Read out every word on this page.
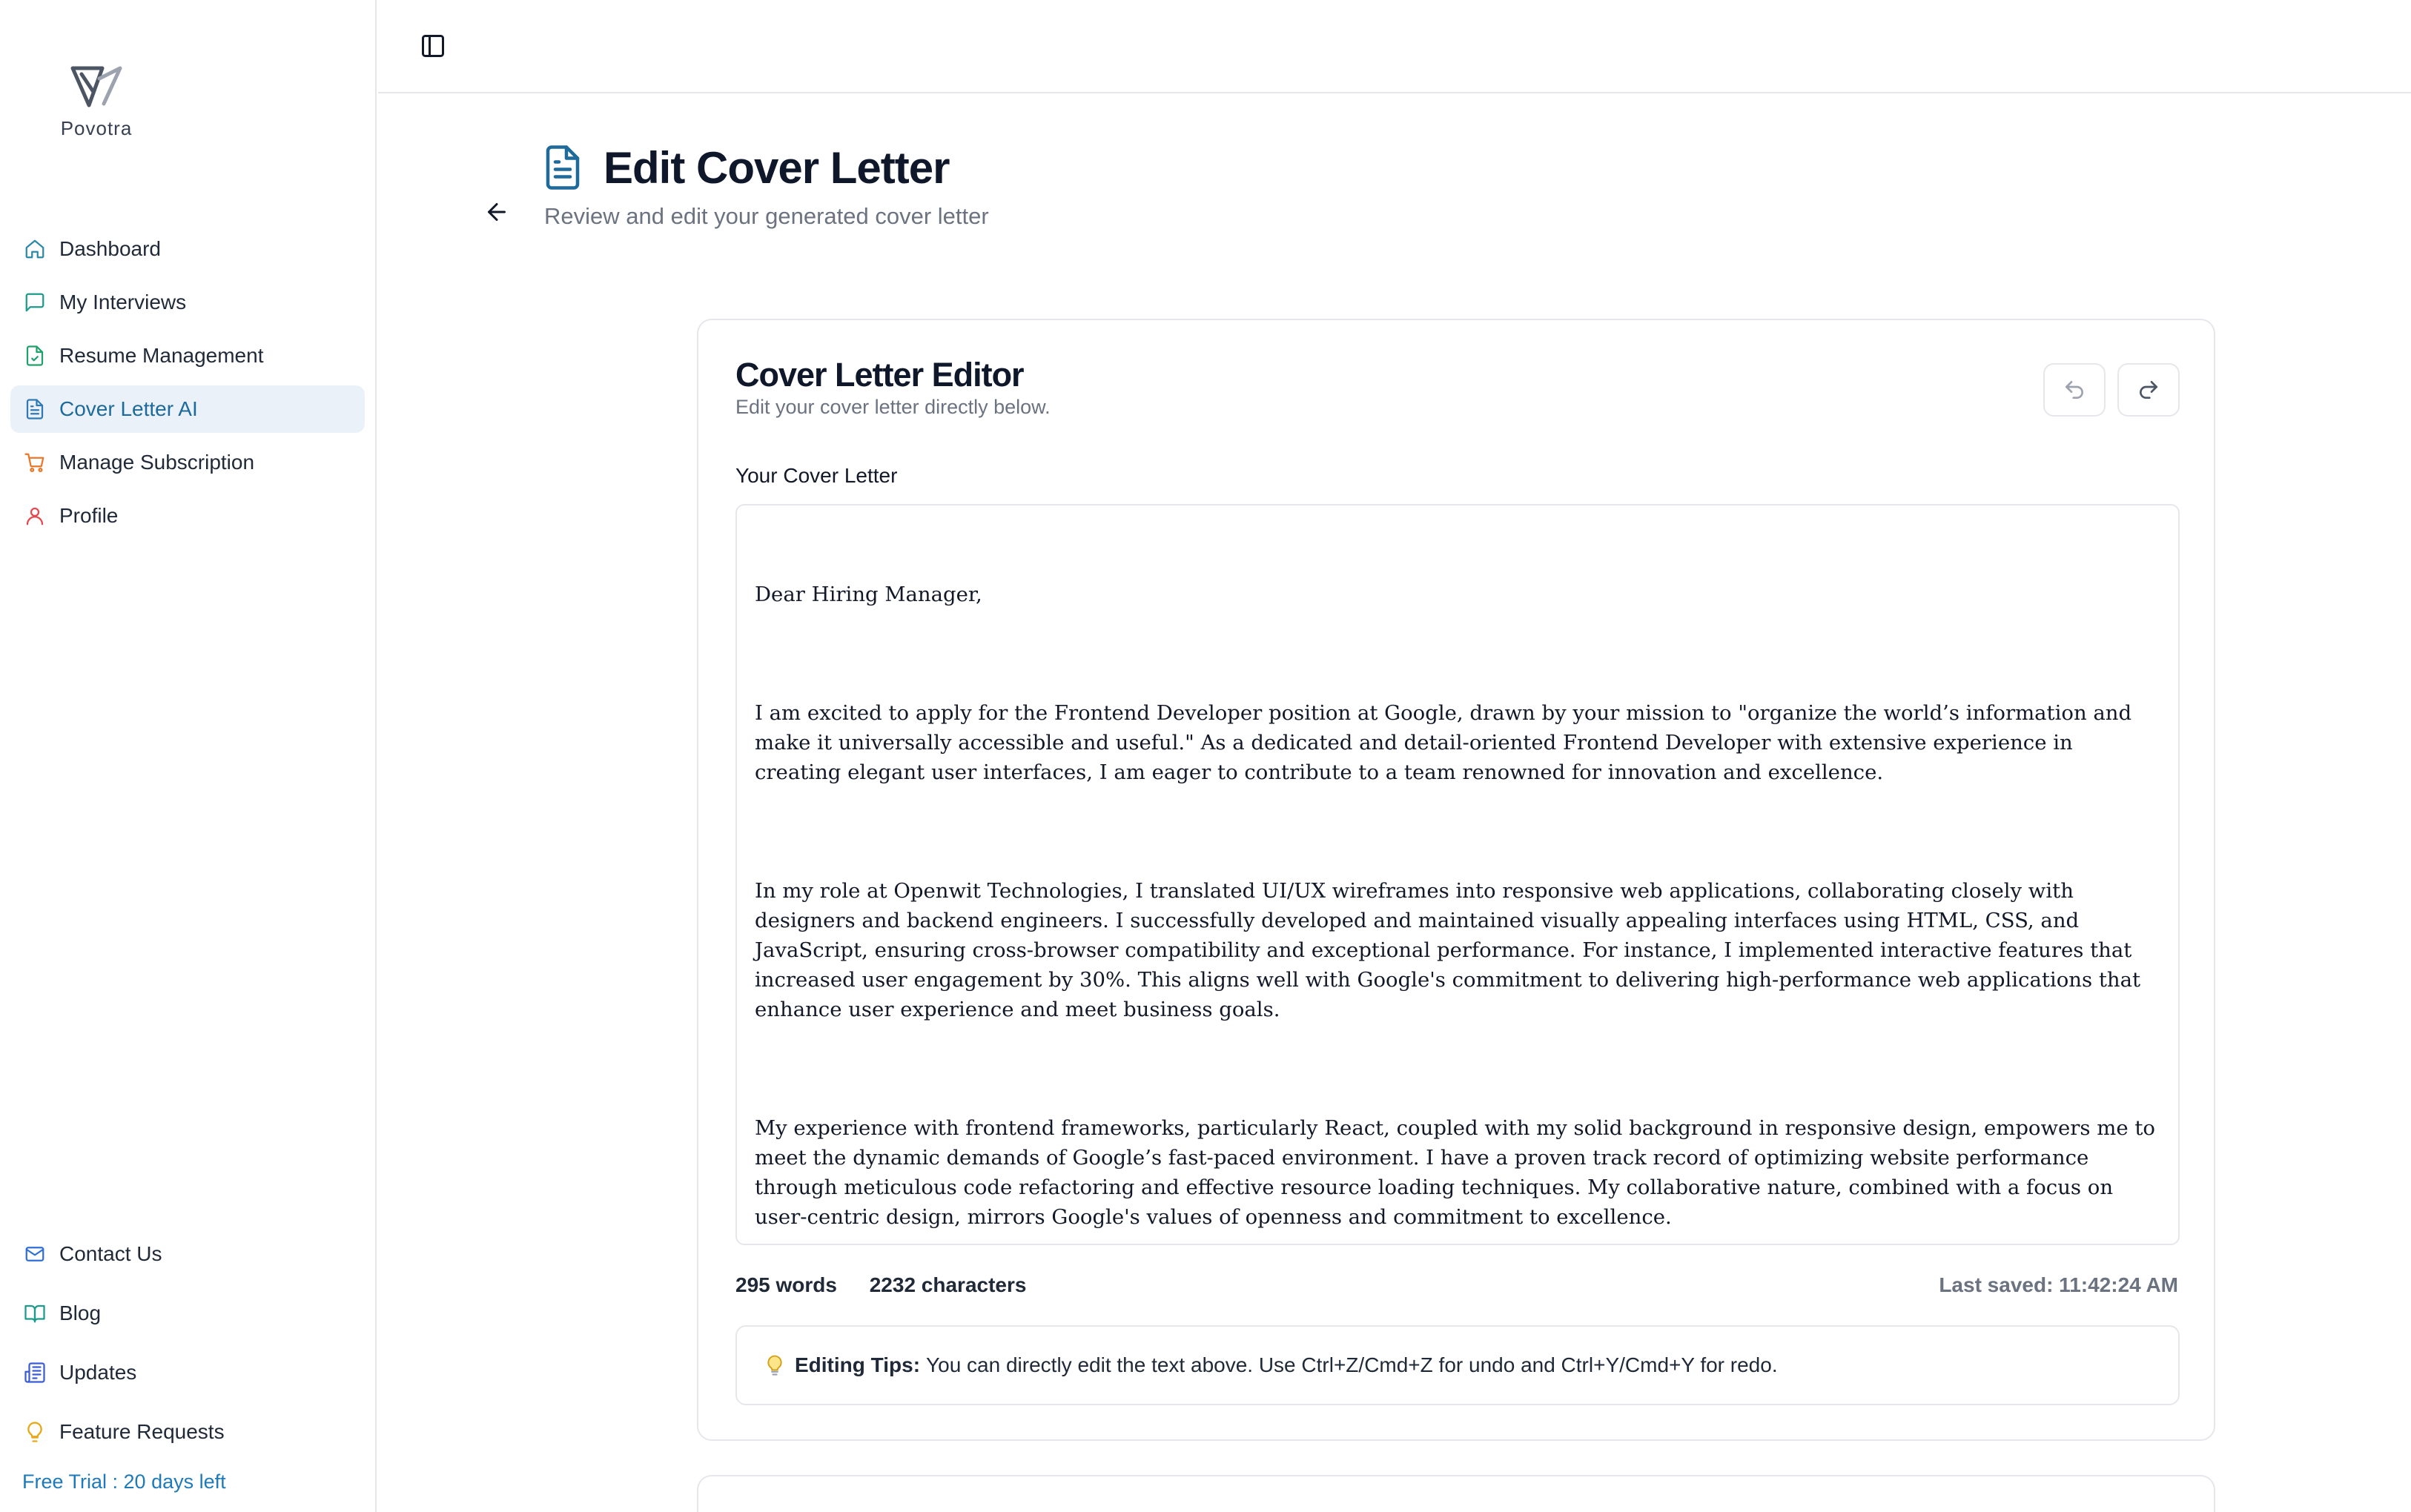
Povotra
Dashboard
My Interviews
Resume Management
Cover Letter AI
Manage Subscription
Profile
Contact Us
Blog
Updates
Feature Requests
Free Trial : 20 days left
Edit Cover Letter

Review and edit your generated cover letter

Cover Letter Editor

Edit your cover letter directly below.

Your Cover Letter

Dear Hiring Manager,

I am excited to apply for the Frontend Developer position at Google, drawn by your mission to "organize the world’s information and make it universally accessible and useful." As a dedicated and detail-oriented Frontend Developer with extensive experience in creating elegant user interfaces, I am eager to contribute to a team renowned for innovation and excellence.

In my role at Openwit Technologies, I translated UI/UX wireframes into responsive web applications, collaborating closely with designers and backend engineers. I successfully developed and maintained visually appealing interfaces using HTML, CSS, and JavaScript, ensuring cross-browser compatibility and exceptional performance. For instance, I implemented interactive features that increased user engagement by 30%. This aligns well with Google's commitment to delivering high-performance web applications that enhance user experience and meet business goals.

My experience with frontend frameworks, particularly React, coupled with my solid background in responsive design, empowers me to meet the dynamic demands of Google’s fast-paced environment. I have a proven track record of optimizing website performance through meticulous code refactoring and effective resource loading techniques. My collaborative nature, combined with a focus on user-centric design, mirrors Google's values of openness and commitment to excellence.

295 words 2232 characters	Last saved: 11:42:24 AM
Editing Tips: You can directly edit the text above. Use Ctrl+Z/Cmd+Z for undo and Ctrl+Y/Cmd+Y for redo.
